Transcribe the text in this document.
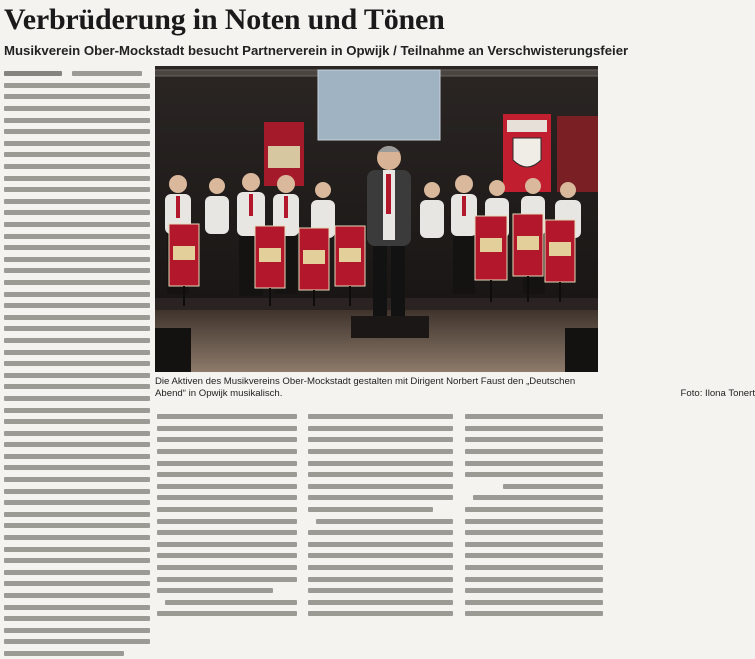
Verbrüderung in Noten und Tönen
Musikverein Ober-Mockstadt besucht Partnerverein in Opwijk / Teilnahme an Verschwisterungsfeier
Die Aktiven des Musikvereins Ober-Mockstadt gestalten mit Dirigent Norbert Faust den „Deutschen Abend“ in Opwijk musikalisch.	Foto: Ilona Tonert
